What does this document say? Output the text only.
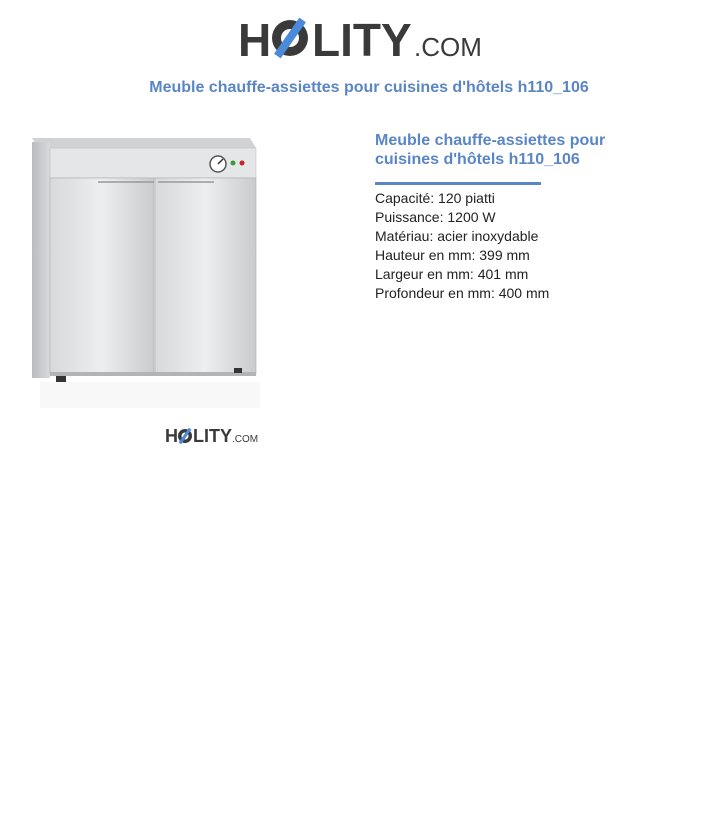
H LITY .COM
Meuble chauffe-assiettes pour cuisines d'hôtels h110_106
H LITY .COM
Meuble chauffe-assiettes pour
cuisines d'hôtels h110_106
Capacité: 120 piatti
Puissance: 1200 W
Matériau: acier inoxydable
Hauteur en mm: 399 mm
Largeur en mm: 401 mm
Profondeur en mm: 400 mm
